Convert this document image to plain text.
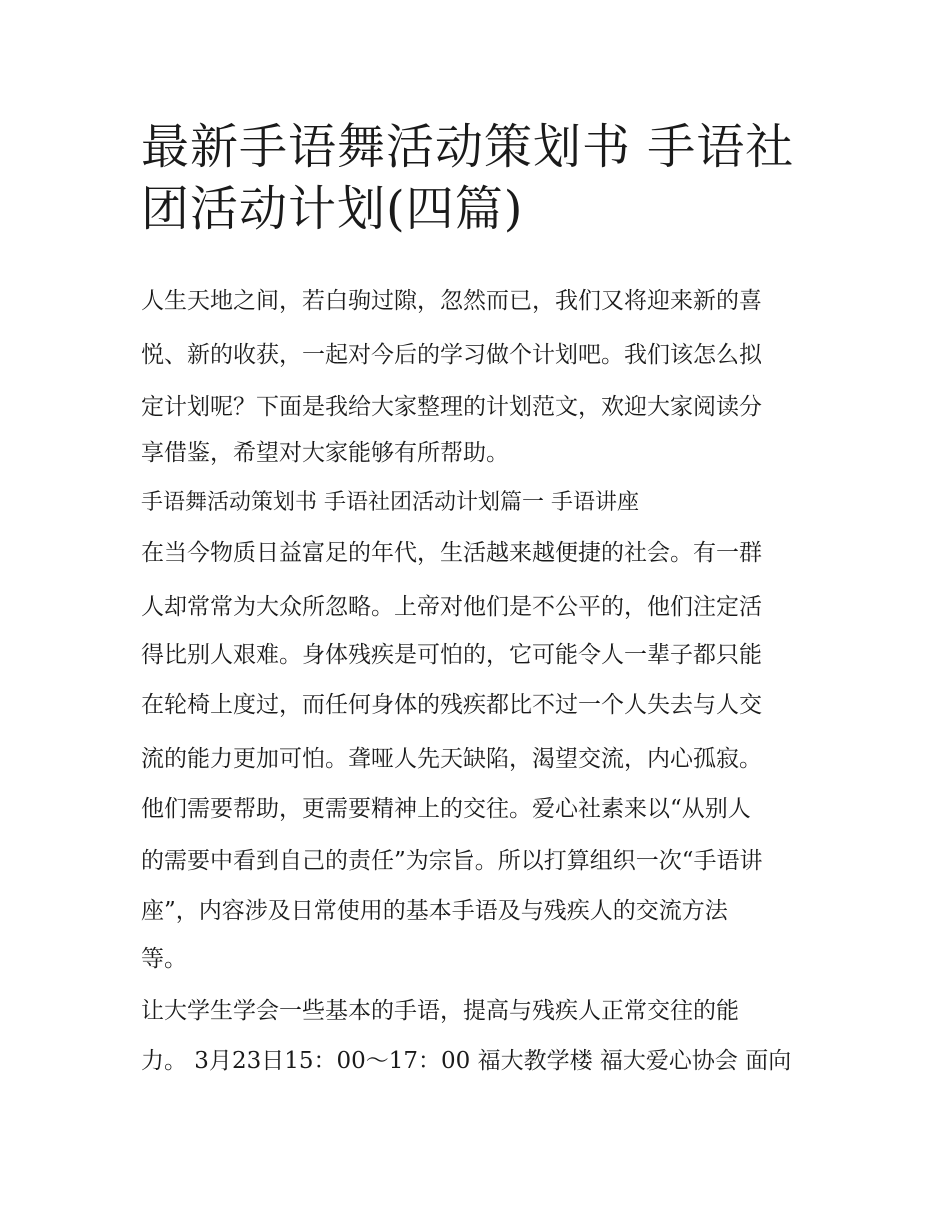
最新手语舞活动策划书 手语社团活动计划(四篇)

人生天地之间，若白驹过隙，忽然而已，我们又将迎来新的喜

悦、新的收获，一起对今后的学习做个计划吧。我们该怎么拟

定计划呢？下面是我给大家整理的计划范文，欢迎大家阅读分

享借鉴，希望对大家能够有所帮助。

手语舞活动策划书 手语社团活动计划篇一 手语讲座

在当今物质日益富足的年代，生活越来越便捷的社会。有一群

人却常常为大众所忽略。上帝对他们是不公平的，他们注定活

得比别人艰难。身体残疾是可怕的，它可能令人一辈子都只能

在轮椅上度过，而任何身体的残疾都比不过一个人失去与人交

流的能力更加可怕。聋哑人先天缺陷，渴望交流，内心孤寂。

他们需要帮助，更需要精神上的交往。爱心社素来以“从别人

的需要中看到自己的责任”为宗旨。所以打算组织一次“手语讲

座”，内容涉及日常使用的基本手语及与残疾人的交流方法

等。

让大学生学会一些基本的手语，提高与残疾人正常交往的能

力。 3月23日15：00～17：00 福大教学楼 福大爱心协会 面向
